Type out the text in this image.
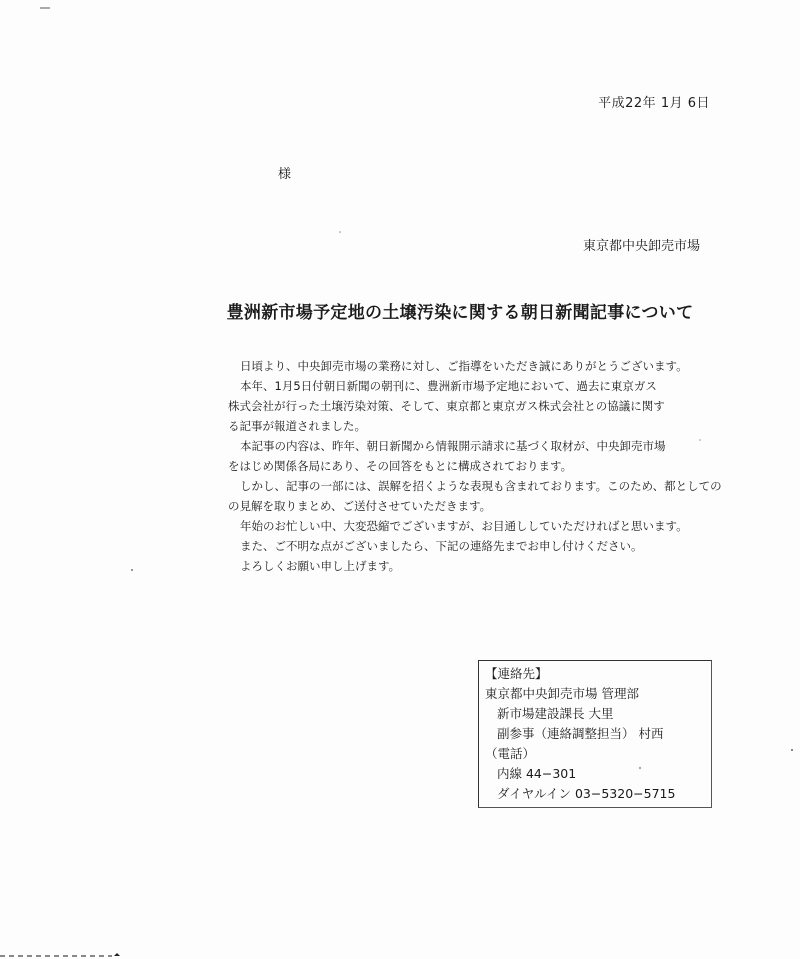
平成22年 1月 6日
様
東京都中央卸売市場
豊洲新市場予定地の土壌汚染に関する朝日新聞記事について

日頃より、中央卸売市場の業務に対し、ご指導をいただき誠にありがとうございます。

本年、1月5日付朝日新聞の朝刊に、豊洲新市場予定地において、過去に東京ガス

株式会社が行った土壌汚染対策、そして、東京都と東京ガス株式会社との協議に関す

る記事が報道されました。

本記事の内容は、昨年、朝日新聞から情報開示請求に基づく取材が、中央卸売市場

をはじめ関係各局にあり、その回答をもとに構成されております。

しかし、記事の一部には、誤解を招くような表現も含まれております。このため、都としての

の見解を取りまとめ、ご送付させていただきます。

年始のお忙しい中、大変恐縮でございますが、お目通ししていただければと思います。

また、ご不明な点がございましたら、下記の連絡先までお申し付けください。

よろしくお願い申し上げます。

【連絡先】
東京都中央卸売市場 管理部
新市場建設課長 大里
副参事（連絡調整担当） 村西
（電話）
内線 44−301
ダイヤルイン 03−5320−5715
